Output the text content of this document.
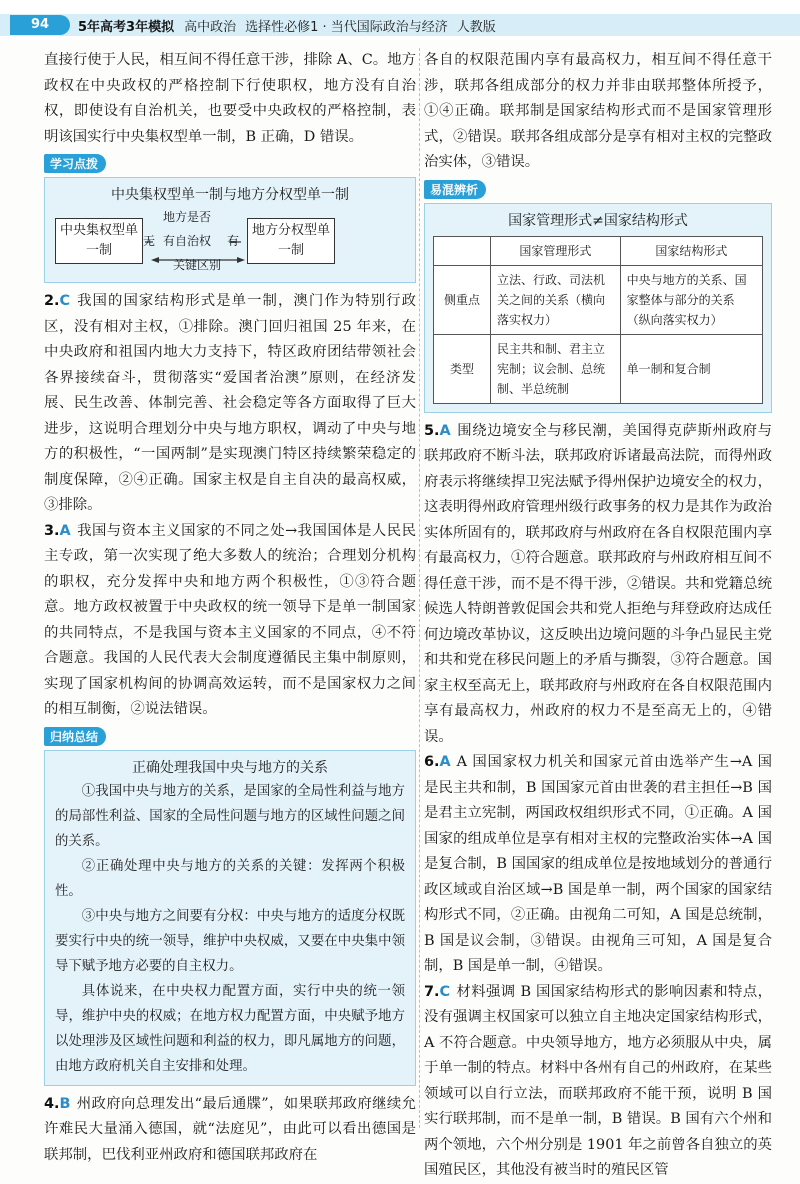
94	5年高考3年模拟 高中政治 选择性必修1 · 当代国际政治与经济 人教版

直接行使于人民，相互间不得任意干涉，排除 A、C。地方政权在中央政权的严格控制下行使职权，地方没有自治权，即使设有自治机关，也要受中央政权的严格控制，表明该国实行中央集权型单一制，B 正确，D 错误。

学习点拨
中央集权型单一制与地方分权型单一制
中央集权型单一制
地方分权型单一制
地方是否
无 有自治权 有
关键区别

2.C 我国的国家结构形式是单一制，澳门作为特别行政区，没有相对主权，①排除。澳门回归祖国 25 年来，在中央政府和祖国内地大力支持下，特区政府团结带领社会各界接续奋斗，贯彻落实“爱国者治澳”原则，在经济发展、民生改善、体制完善、社会稳定等各方面取得了巨大进步，这说明合理划分中央与地方职权，调动了中央与地方的积极性，“一国两制”是实现澳门特区持续繁荣稳定的制度保障，②④正确。国家主权是自主自决的最高权威，③排除。

3.A 我国与资本主义国家的不同之处→我国国体是人民民主专政，第一次实现了绝大多数人的统治；合理划分机构的职权，充分发挥中央和地方两个积极性，①③符合题意。地方政权被置于中央政权的统一领导下是单一制国家的共同特点，不是我国与资本主义国家的不同点，④不符合题意。我国的人民代表大会制度遵循民主集中制原则，实现了国家机构间的协调高效运转，而不是国家权力之间的相互制衡，②说法错误。

归纳总结
正确处理我国中央与地方的关系

①我国中央与地方的关系，是国家的全局性利益与地方的局部性利益、国家的全局性问题与地方的区域性问题之间的关系。

②正确处理中央与地方的关系的关键：发挥两个积极性。

③中央与地方之间要有分权：中央与地方的适度分权既要实行中央的统一领导，维护中央权威，又要在中央集中领导下赋予地方必要的自主权力。

具体说来，在中央权力配置方面，实行中央的统一领导，维护中央的权威；在地方权力配置方面，中央赋予地方以处理涉及区域性问题和利益的权力，即凡属地方的问题，由地方政府机关自主安排和处理。

4.B 州政府向总理发出“最后通牒”，如果联邦政府继续允许难民大量涌入德国，就“法庭见”，由此可以看出德国是联邦制，巴伐利亚州政府和德国联邦政府在

各自的权限范围内享有最高权力，相互间不得任意干涉，联邦各组成部分的权力并非由联邦整体所授予，①④正确。联邦制是国家结构形式而不是国家管理形式，②错误。联邦各组成部分是享有相对主权的完整政治实体，③错误。

易混辨析
国家管理形式≠国家结构形式
	国家管理形式	国家结构形式
侧重点	立法、行政、司法机关之间的关系（横向落实权力）	中央与地方的关系、国家整体与部分的关系（纵向落实权力）
类型	民主共和制、君主立宪制；议会制、总统制、半总统制	单一制和复合制

5.A 围绕边境安全与移民潮，美国得克萨斯州政府与联邦政府不断斗法，联邦政府诉诸最高法院，而得州政府表示将继续捍卫宪法赋予得州保护边境安全的权力，这表明得州政府管理州级行政事务的权力是其作为政治实体所固有的，联邦政府与州政府在各自权限范围内享有最高权力，①符合题意。联邦政府与州政府相互间不得任意干涉，而不是不得干涉，②错误。共和党籍总统候选人特朗普敦促国会共和党人拒绝与拜登政府达成任何边境改革协议，这反映出边境问题的斗争凸显民主党和共和党在移民问题上的矛盾与撕裂，③符合题意。国家主权至高无上，联邦政府与州政府在各自权限范围内享有最高权力，州政府的权力不是至高无上的，④错误。

6.A A 国国家权力机关和国家元首由选举产生→A 国是民主共和制，B 国国家元首由世袭的君主担任→B 国是君主立宪制，两国政权组织形式不同，①正确。A 国国家的组成单位是享有相对主权的完整政治实体→A 国是复合制，B 国国家的组成单位是按地域划分的普通行政区域或自治区域→B 国是单一制，两个国家的国家结构形式不同，②正确。由视角二可知，A 国是总统制，B 国是议会制，③错误。由视角三可知，A 国是复合制，B 国是单一制，④错误。

7.C 材料强调 B 国国家结构形式的影响因素和特点，没有强调主权国家可以独立自主地决定国家结构形式，A 不符合题意。中央领导地方，地方必须服从中央，属于单一制的特点。材料中各州有自己的州政府，在某些领域可以自行立法，而联邦政府不能干预，说明 B 国实行联邦制，而不是单一制，B 错误。B 国有六个州和两个领地，六个州分别是 1901 年之前曾各自独立的英国殖民区，其他没有被当时的殖民区管
